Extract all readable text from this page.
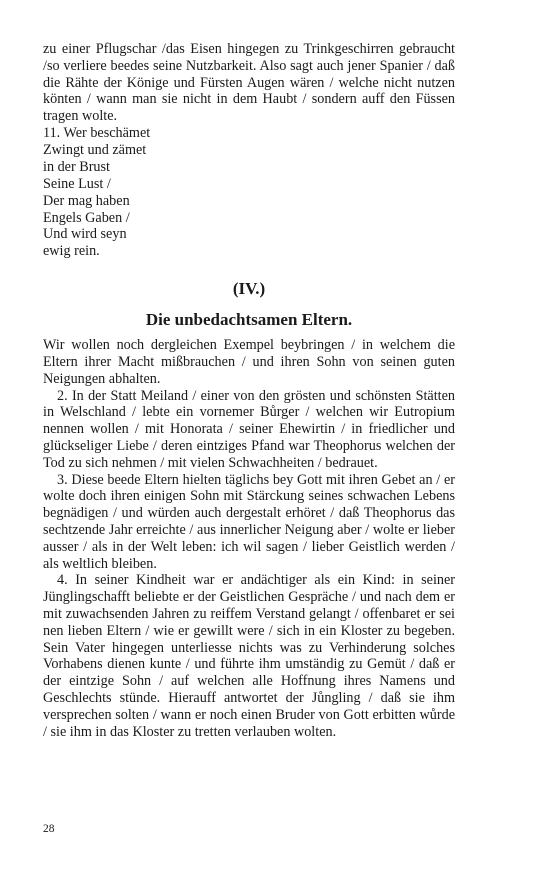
zu einer Pflugschar /das Eisen hingegen zu Trinkgeschirren gebraucht /so verliere beedes seine Nutzbarkeit. Also sagt auch jener Spanier / daß die Rähte der Könige und Fürsten Augen wären / welche nicht nutzen könten / wann man sie nicht in dem Haubt / sondern auff den Füssen tragen wolte.

11. Wer beschämet
Zwingt und zämet
in der Brust
Seine Lust /
Der mag haben
Engels Gaben /
Und wird seyn
ewig rein.
(IV.)
Die unbedachtsamen Eltern.

Wir wollen noch dergleichen Exempel beybringen / in welchem die Eltern ihrer Macht mißbrauchen / und ihren Sohn von seinen guten Neigungen abhalten.

2. In der Statt Meiland / einer von den grösten und schönsten Stätten in Welschland / lebte ein vornemer Bůrger / welchen wir Eutropium nennen wollen / mit Honorata / seiner Ehewirtin / in friedlicher und glückseliger Liebe / deren eintziges Pfand war Theophorus welchen der Tod zu sich nehmen / mit vielen Schwachheiten / bedrauet.

3. Diese beede Eltern hielten täglichs bey Gott mit ihren Gebet an / er wolte doch ihren einigen Sohn mit Stärckung seines schwachen Lebens begnädigen / und würden auch dergestalt erhöret / daß Theophorus das sechtzende Jahr erreichte / aus innerlicher Neigung aber / wolte er lieber ausser / als in der Welt leben: ich wil sagen / lieber Geistlich werden / als weltlich bleiben.

4. In seiner Kindheit war er andächtiger als ein Kind: in seiner Jünglingschafft beliebte er der Geistlichen Gespräche / und nach dem er mit zuwachsenden Jahren zu reiffem Verstand gelangt / offenbaret er sei nen lieben Eltern / wie er gewillt were / sich in ein Kloster zu begeben. Sein Vater hingegen unterliesse nichts was zu Verhinderung solches Vorhabens dienen kunte / und führte ihm umständig zu Gemüt / daß er der eintzige Sohn / auf welchen alle Hoffnung ihres Namens und Geschlechts stünde. Hierauff antwortet der Jůngling / daß sie ihm versprechen solten / wann er noch einen Bruder von Gott erbitten wůrde / sie ihm in das Kloster zu tretten verlauben wolten.

28
